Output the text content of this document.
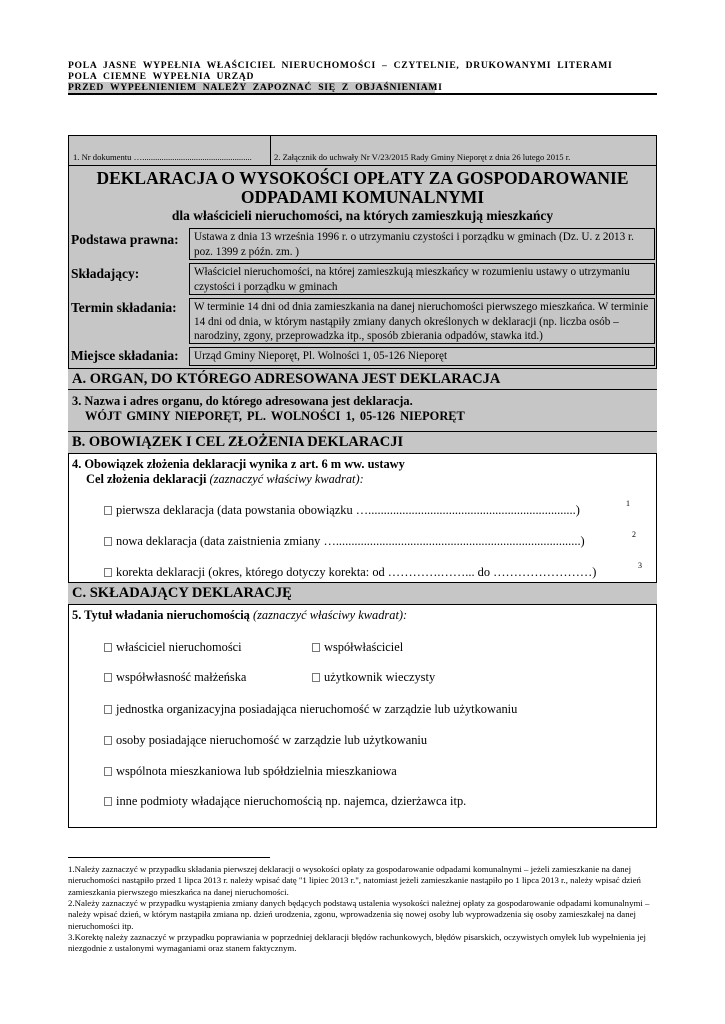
POLA JASNE WYPEŁNIA WŁAŚCICIEL NIERUCHOMOŚCI – CZYTELNIE, DRUKOWANYMI LITERAMI
POLA CIEMNE WYPEŁNIA URZĄD
PRZED WYPEŁNIENIEM NALEŻY ZAPOZNAĆ SIĘ Z OBJAŚNIENIAMI
1. Nr dokumentu …...................................................	2. Załącznik do uchwały Nr V/23/2015 Rady Gminy Nieporęt z dnia 26 lutego 2015 r.
DEKLARACJA O WYSOKOŚCI OPŁATY ZA GOSPODAROWANIE
ODPADAMI KOMUNALNYMI
dla właścicieli nieruchomości, na których zamieszkują mieszkańcy
Podstawa prawna:	Ustawa z dnia 13 września 1996 r. o utrzymaniu czystości i porządku w gminach (Dz. U. z 2013 r. poz. 1399 z późn. zm. )
Składający:	Właściciel nieruchomości, na której zamieszkują mieszkańcy w rozumieniu ustawy o utrzymaniu czystości i porządku w gminach
Termin składania:	W terminie 14 dni od dnia zamieszkania na danej nieruchomości pierwszego mieszkańca. W terminie 14 dni od dnia, w którym nastąpiły zmiany danych określonych w deklaracji (np. liczba osób – narodziny, zgony, przeprowadzka itp., sposób zbierania odpadów, stawka itd.)
Miejsce składania:	Urząd Gminy Nieporęt, Pl. Wolności 1, 05-126 Nieporęt
A. ORGAN, DO KTÓREGO ADRESOWANA JEST DEKLARACJA
3. Nazwa i adres organu, do którego adresowana jest deklaracja.
WÓJT GMINY NIEPORĘT, PL. WOLNOŚCI 1, 05-126 NIEPORĘT
B. OBOWIĄZEK I CEL ZŁOŻENIA DEKLARACJI
4. Obowiązek złożenia deklaracji wynika z art. 6 m ww. ustawy
Cel złożenia deklaracji (zaznaczyć właściwy kwadrat):
pierwsza deklaracja (data powstania obowiązku …...................................................................)	1
nowa deklaracja (data zaistnienia zmiany …...............................................................................)	2
korekta deklaracji (okres, którego dotyczy korekta: od ………….……... do ……………………)	3
C. SKŁADAJĄCY DEKLARACJĘ
5. Tytuł władania nieruchomością (zaznaczyć właściwy kwadrat):
właściciel nieruchomości	współwłaściciel
współwłasność małżeńska	użytkownik wieczysty
jednostka organizacyjna posiadająca nieruchomość w zarządzie lub użytkowaniu
osoby posiadające nieruchomość w zarządzie lub użytkowaniu
wspólnota mieszkaniowa lub spółdzielnia mieszkaniowa
inne podmioty władające nieruchomością np. najemca, dzierżawca itp.
1.Należy zaznaczyć w przypadku składania pierwszej deklaracji o wysokości opłaty za gospodarowanie odpadami komunalnymi – jeżeli zamieszkanie na danej nieruchomości nastąpiło przed 1 lipca 2013 r. należy wpisać datę "1 lipiec 2013 r.", natomiast jeżeli zamieszkanie nastąpiło po 1 lipca 2013 r., należy wpisać dzień zamieszkania pierwszego mieszkańca na danej nieruchomości.
2.Należy zaznaczyć w przypadku wystąpienia zmiany danych będących podstawą ustalenia wysokości należnej opłaty za gospodarowanie odpadami komunalnymi – należy wpisać dzień, w którym nastąpiła zmiana np. dzień urodzenia, zgonu, wprowadzenia się nowej osoby lub wyprowadzenia się osoby zamieszkałej na danej nieruchomości itp.
3.Korektę należy zaznaczyć w przypadku poprawiania w poprzedniej deklaracji błędów rachunkowych, błędów pisarskich, oczywistych omyłek lub wypełnienia jej niezgodnie z ustalonymi wymaganiami oraz stanem faktycznym.
